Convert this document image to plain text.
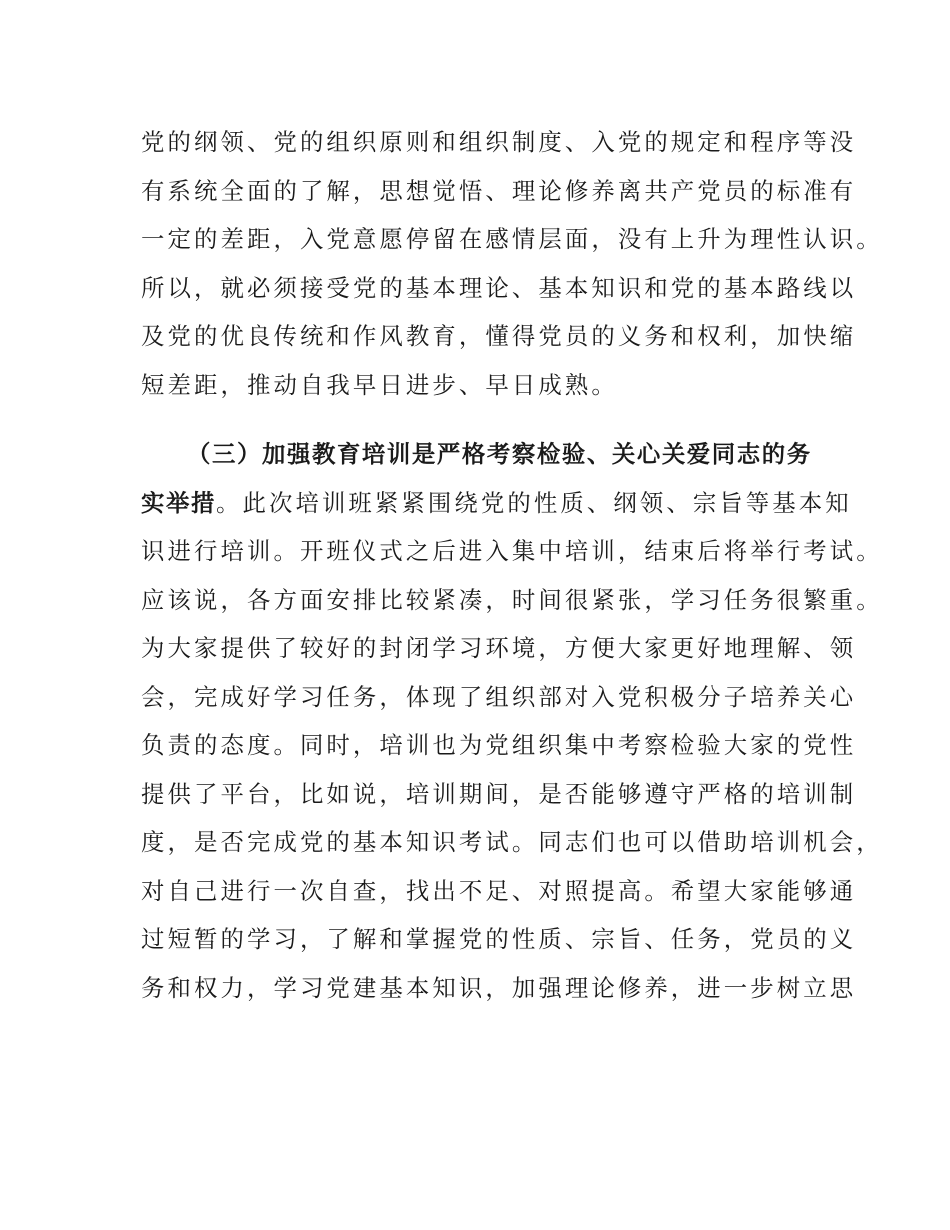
党的纲领、党的组织原则和组织制度、入党的规定和程序等没

有系统全面的了解，思想觉悟、理论修养离共产党员的标准有

一定的差距，入党意愿停留在感情层面，没有上升为理性认识。

所以，就必须接受党的基本理论、基本知识和党的基本路线以

及党的优良传统和作风教育，懂得党员的义务和权利，加快缩

短差距，推动自我早日进步、早日成熟。

（三）加强教育培训是严格考察检验、关心关爱同志的务

实举措。此次培训班紧紧围绕党的性质、纲领、宗旨等基本知

识进行培训。开班仪式之后进入集中培训，结束后将举行考试。

应该说，各方面安排比较紧凑，时间很紧张，学习任务很繁重。

为大家提供了较好的封闭学习环境，方便大家更好地理解、领

会，完成好学习任务，体现了组织部对入党积极分子培养关心

负责的态度。同时，培训也为党组织集中考察检验大家的党性

提供了平台，比如说，培训期间，是否能够遵守严格的培训制

度，是否完成党的基本知识考试。同志们也可以借助培训机会，

对自己进行一次自查，找出不足、对照提高。希望大家能够通

过短暂的学习，了解和掌握党的性质、宗旨、任务，党员的义

务和权力，学习党建基本知识，加强理论修养，进一步树立思
